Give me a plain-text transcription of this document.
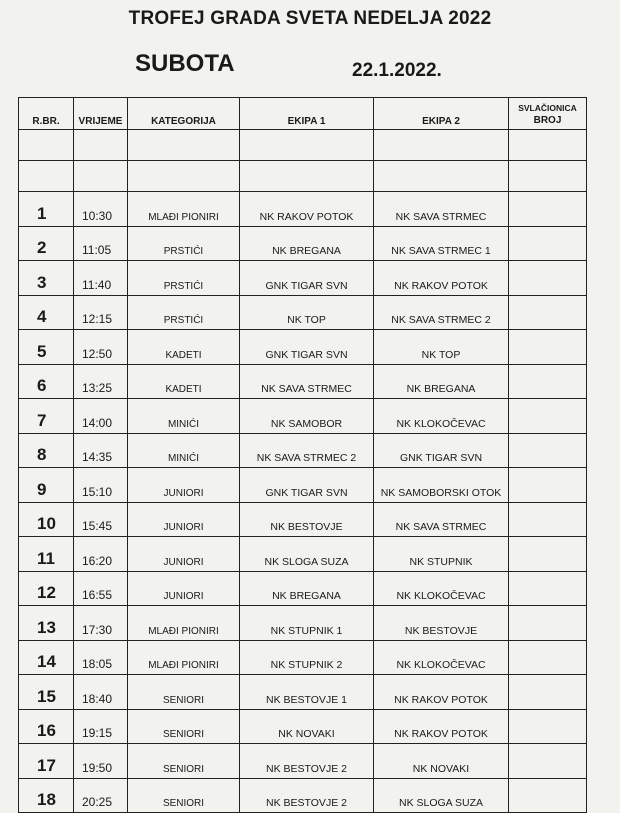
TROFEJ GRADA SVETA NEDELJA 2022
SUBOTA	22.1.2022.
R.BR.	VRIJEME	KATEGORIJA	EKIPA 1	EKIPA 2	SVLAČIONICA
BROJ

1	10:30	MLAĐI PIONIRI	NK RAKOV POTOK	NK SAVA STRMEC	
2	11:05	PRSTIĆI	NK BREGANA	NK SAVA STRMEC 1	
3	11:40	PRSTIĆI	GNK TIGAR SVN	NK RAKOV POTOK	
4	12:15	PRSTIĆI	NK TOP	NK SAVA STRMEC 2	
5	12:50	KADETI	GNK TIGAR SVN	NK TOP	
6	13:25	KADETI	NK SAVA STRMEC	NK BREGANA	
7	14:00	MINIĆI	NK SAMOBOR	NK KLOKOČEVAC	
8	14:35	MINIĆI	NK SAVA STRMEC 2	GNK TIGAR SVN	
9	15:10	JUNIORI	GNK TIGAR SVN	NK SAMOBORSKI OTOK	
10	15:45	JUNIORI	NK BESTOVJE	NK SAVA STRMEC	
11	16:20	JUNIORI	NK SLOGA SUZA	NK STUPNIK	
12	16:55	JUNIORI	NK BREGANA	NK KLOKOČEVAC	
13	17:30	MLAĐI PIONIRI	NK STUPNIK 1	NK BESTOVJE	
14	18:05	MLAĐI PIONIRI	NK STUPNIK 2	NK KLOKOČEVAC	
15	18:40	SENIORI	NK BESTOVJE 1	NK RAKOV POTOK	
16	19:15	SENIORI	NK NOVAKI	NK RAKOV POTOK	
17	19:50	SENIORI	NK BESTOVJE 2	NK NOVAKI	
18	20:25	SENIORI	NK BESTOVJE 2	NK SLOGA SUZA	
